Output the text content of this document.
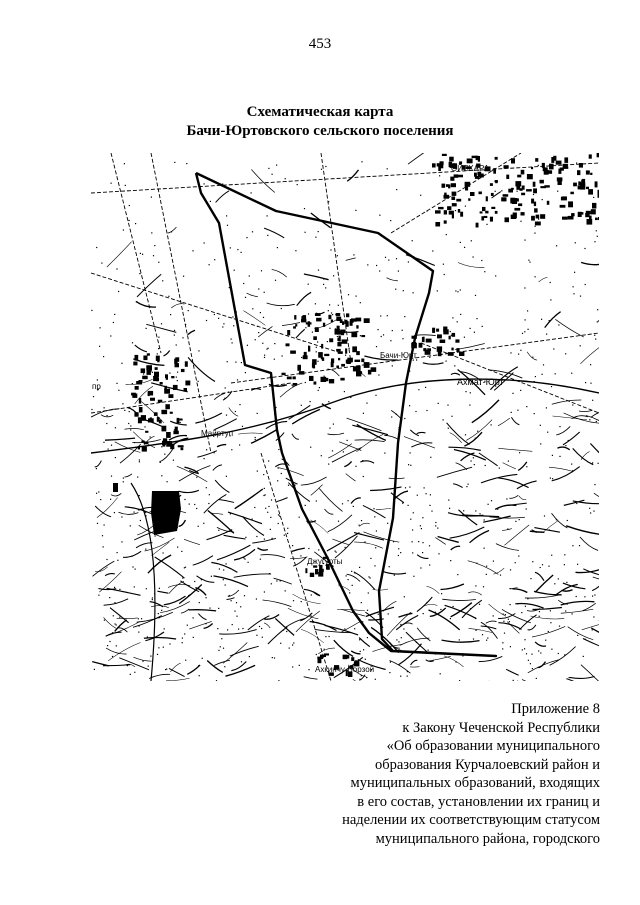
453
Схематическая карта
Бачи-Юртовского сельского поселения
ОЙСХАРА
Бачи-Юрт
Ахмат-Юрт
Майртуп
Джугурты
Ахкинчу-Борзой
пр
Приложение 8
к Закону Чеченской Республики
«Об образовании муниципального
образования Курчалоевский район и
муниципальных образований, входящих
в его состав, установлении их границ и
наделении их соответствующим статусом
муниципального района, городского
